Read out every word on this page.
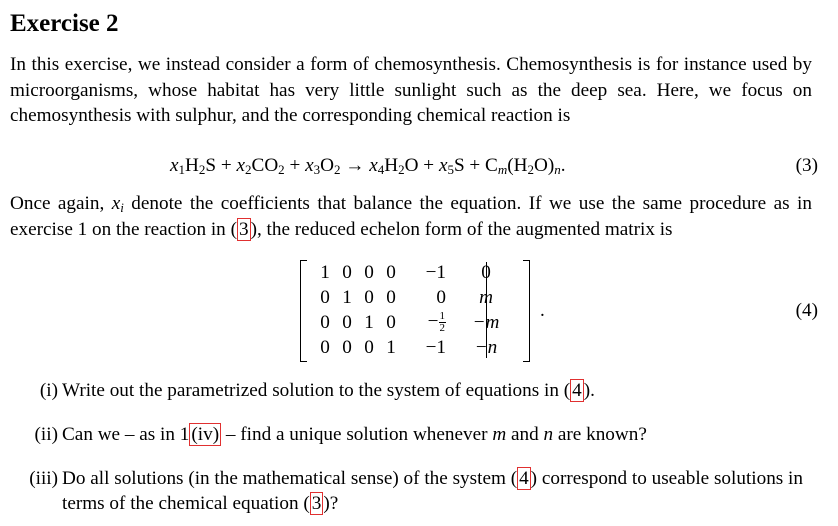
Exercise 2
In this exercise, we instead consider a form of chemosynthesis. Chemosynthesis is for instance used by microorganisms, whose habitat has very little sunlight such as the deep sea. Here, we focus on chemosynthesis with sulphur, and the corresponding chemical reaction is
$x_1H_2S + x_2CO_2 + x_3O_2 \to x_4H_2O + x_5S + C_m(H_2O)_n$.	(3)
Once again, $x_i$ denote the coefficients that balance the equation. If we use the same procedure as in exercise 1 on the reaction in ( 3 ), the reduced echelon form of the augmented matrix is
1 0 0 0	−1	0
0 1 0 0	0	m
0 0 1 0	− $\frac{1}{2}$	−m
0 0 0 1	−1	−n
.	(4)
(i) Write out the parametrized solution to the system of equations in ( 4 ).
(ii) Can we – as in 1 (iv) – find a unique solution whenever m and n are known?
(iii) Do all solutions (in the mathematical sense) of the system ( 4 ) correspond to useable solutions in terms of the chemical equation ( 3 )?
